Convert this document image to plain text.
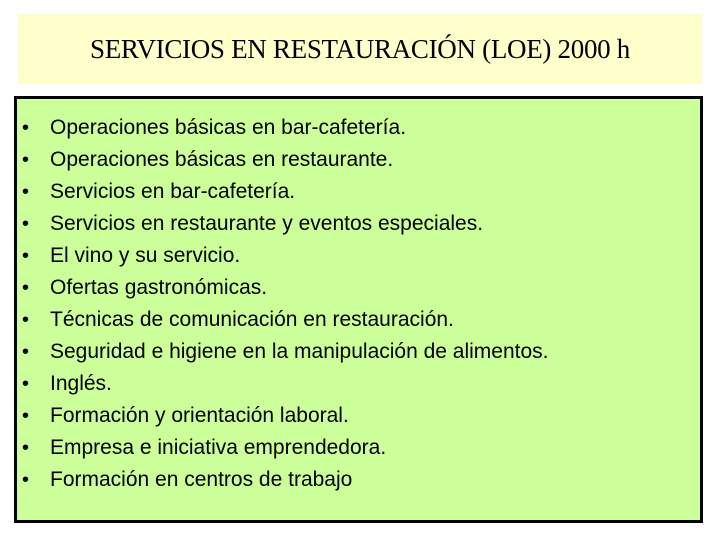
SERVICIOS EN RESTAURACIÓN (LOE) 2000 h
• Operaciones básicas en bar-cafetería.
• Operaciones básicas en restaurante.
• Servicios en bar-cafetería.
• Servicios en restaurante y eventos especiales.
• El vino y su servicio.
• Ofertas gastronómicas.
• Técnicas de comunicación en restauración.
• Seguridad e higiene en la manipulación de alimentos.
• Inglés.
• Formación y orientación laboral.
• Empresa e iniciativa emprendedora.
• Formación en centros de trabajo
